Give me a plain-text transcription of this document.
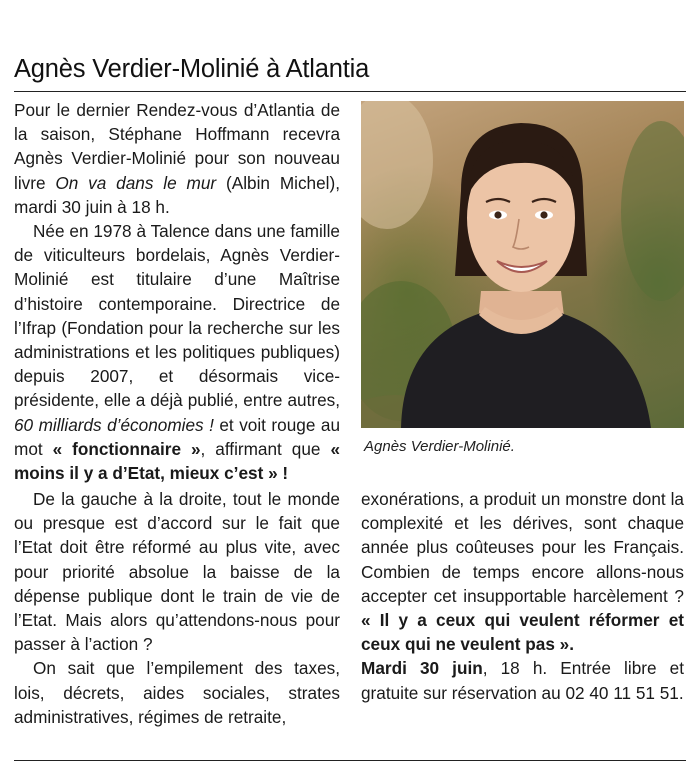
Agnès Verdier-Molinié à Atlantia

Pour le dernier Rendez-vous d’Atlantia de la saison, Stéphane Hoffmann recevra Agnès Verdier-Molinié pour son nouveau livre On va dans le mur (Albin Michel), mardi 30 juin à 18 h.

Née en 1978 à Talence dans une famille de viticulteurs bordelais, Agnès Verdier-Molinié est titulaire d’une Maîtrise d’histoire contemporaine. Directrice de l’Ifrap (Fondation pour la recherche sur les administrations et les politiques publiques) depuis 2007, et désormais vice-présidente, elle a déjà publié, entre autres, 60 milliards d’économies ! et voit rouge au mot « fonctionnaire », affirmant que « moins il y a d’Etat, mieux c’est » !

Agnès Verdier-Molinié.

De la gauche à la droite, tout le monde ou presque est d’accord sur le fait que l’Etat doit être réformé au plus vite, avec pour priorité absolue la baisse de la dépense publique dont le train de vie de l’Etat. Mais alors qu’attendons-nous pour passer à l’action ?

On sait que l’empilement des taxes, lois, décrets, aides sociales, strates administratives, régimes de retraite,

exonérations, a produit un monstre dont la complexité et les dérives, sont chaque année plus coûteuses pour les Français. Combien de temps encore allons-nous accepter cet insupportable harcèlement ? « Il y a ceux qui veulent réformer et ceux qui ne veulent pas ».

Mardi 30 juin, 18 h. Entrée libre et gratuite sur réservation au 02 40 11 51 51.
